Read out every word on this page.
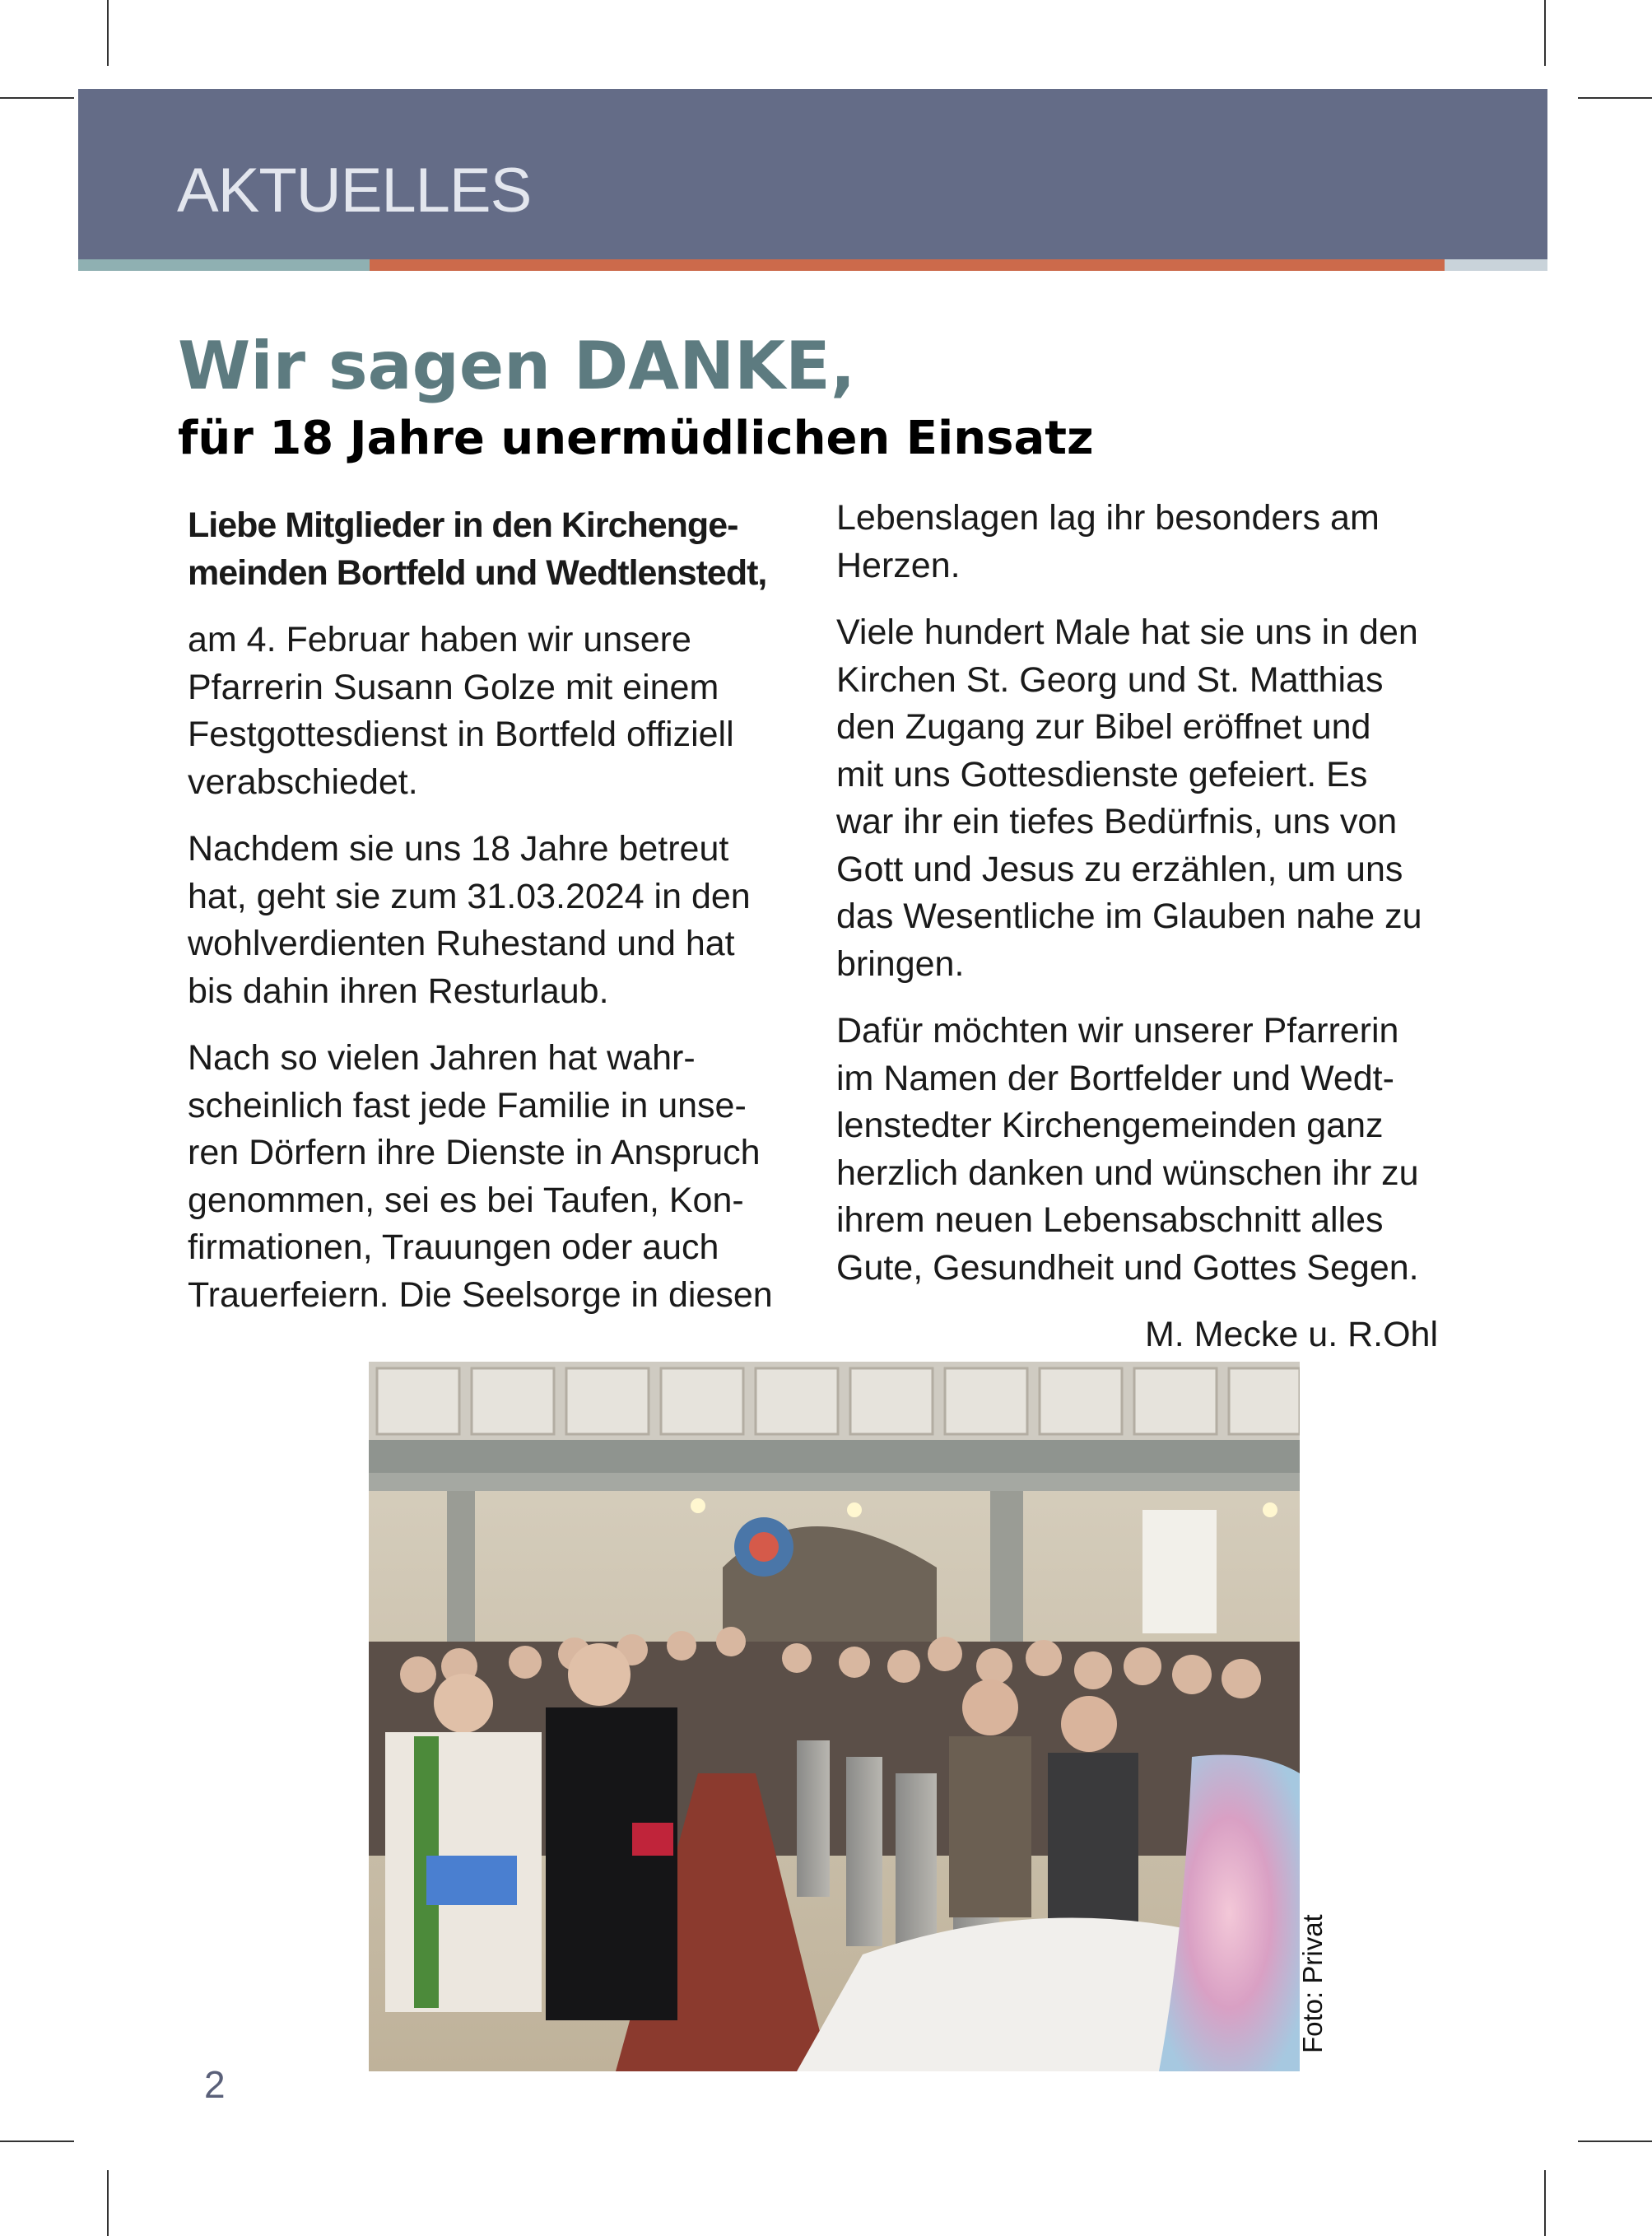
AKTUELLES
Wir sagen DANKE,
für 18 Jahre unermüdlichen Einsatz

Liebe Mitglieder in den Kirchenge-
meinden Bortfeld und Wedtlenstedt,

am 4. Februar haben wir unsere
Pfarrerin Susann Golze mit einem
Festgottesdienst in Bortfeld offiziell
verabschiedet.

Nachdem sie uns 18 Jahre betreut
hat, geht sie zum 31.03.2024 in den
wohlverdienten Ruhestand und hat
bis dahin ihren Resturlaub.

Nach so vielen Jahren hat wahr-
scheinlich fast jede Familie in unse-
ren Dörfern ihre Dienste in Anspruch
genommen, sei es bei Taufen, Kon-
firmationen, Trauungen oder auch
Trauerfeiern. Die Seelsorge in diesen

Lebenslagen lag ihr besonders am
Herzen.

Viele hundert Male hat sie uns in den
Kirchen St. Georg und St. Matthias
den Zugang zur Bibel eröffnet und
mit uns Gottesdienste gefeiert. Es
war ihr ein tiefes Bedürfnis, uns von
Gott und Jesus zu erzählen, um uns
das Wesentliche im Glauben nahe zu
bringen.

Dafür möchten wir unserer Pfarrerin
im Namen der Bortfelder und Wedt-
lenstedter Kirchengemeinden ganz
herzlich danken und wünschen ihr zu
ihrem neuen Lebensabschnitt alles
Gute, Gesundheit und Gottes Segen.

M. Mecke u. R.Ohl
Foto: Privat
2
